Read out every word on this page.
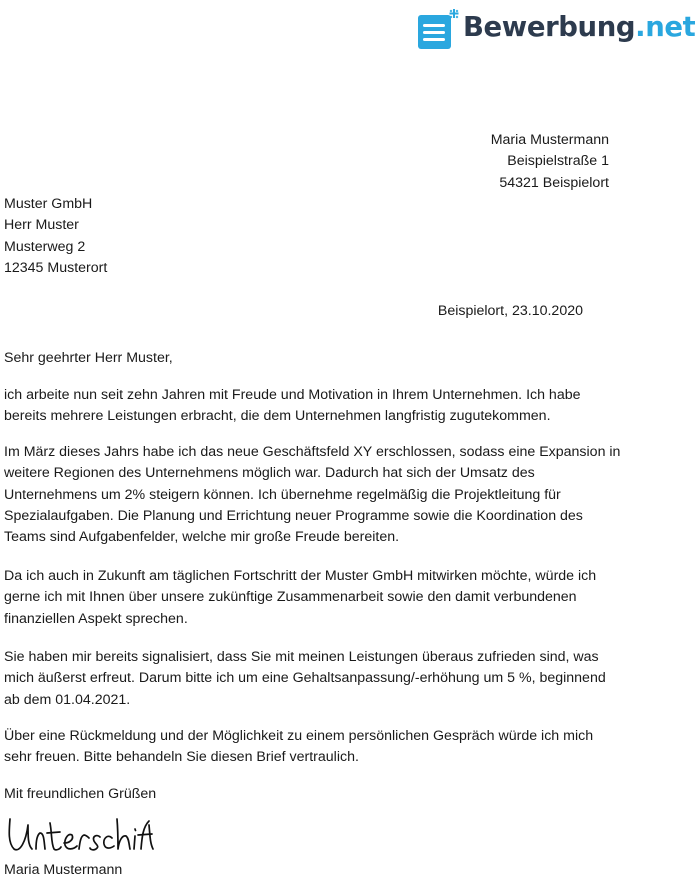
Bewerbung.net
Maria Mustermann
Beispielstraße 1
54321 Beispielort
Muster GmbH
Herr Muster
Musterweg 2
12345 Musterort
Beispielort, 23.10.2020
Sehr geehrter Herr Muster,

ich arbeite nun seit zehn Jahren mit Freude und Motivation in Ihrem Unternehmen. Ich habe bereits mehrere Leistungen erbracht, die dem Unternehmen langfristig zugutekommen.

Im März dieses Jahrs habe ich das neue Geschäftsfeld XY erschlossen, sodass eine Expansion in weitere Regionen des Unternehmens möglich war. Dadurch hat sich der Umsatz des Unternehmens um 2% steigern können. Ich übernehme regelmäßig die Projektleitung für Spezialaufgaben. Die Planung und Errichtung neuer Programme sowie die Koordination des Teams sind Aufgabenfelder, welche mir große Freude bereiten.

Da ich auch in Zukunft am täglichen Fortschritt der Muster GmbH mitwirken möchte, würde ich gerne ich mit Ihnen über unsere zukünftige Zusammenarbeit sowie den damit verbundenen finanziellen Aspekt sprechen.

Sie haben mir bereits signalisiert, dass Sie mit meinen Leistungen überaus zufrieden sind, was mich äußerst erfreut. Darum bitte ich um eine Gehaltsanpassung/-erhöhung um 5 %, beginnend ab dem 01.04.2021.

Über eine Rückmeldung und der Möglichkeit zu einem persönlichen Gespräch würde ich mich sehr freuen. Bitte behandeln Sie diesen Brief vertraulich.

Mit freundlichen Grüßen
Maria Mustermann
